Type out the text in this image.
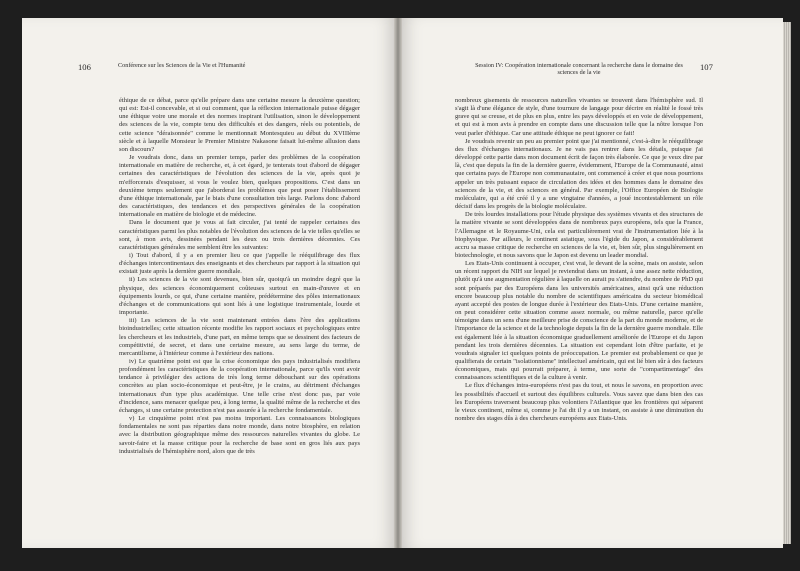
106	Conférence sur les Sciences de la Vie et l'Humanité	Session IV: Coopération internationale concernant la recherche dans le domaine des sciences de la vie
107

éthique de ce débat, parce qu'elle prépare dans une certaine mesure la deuxième question; qui est: Est-il concevable, et si oui comment, que la réflexion internationale puisse dégager une éthique voire une morale et des normes inspirant l'utilisation, sinon le développement des sciences de la vie, compte tenu des difficultés et des dangers, réels ou potentiels, de cette science "déraisonnée" comme le mentionnait Montesquieu au début du XVIIIème siècle et à laquelle Monsieur le Premier Ministre Nakasone faisait lui-même allusion dans son discours?

Je voudrais donc, dans un premier temps, parler des problèmes de la coopération internationale en matière de recherche, et, à cet égard, je tenterais tout d'abord de dégager certaines des caractéristiques de l'évolution des sciences de la vie, après quoi je m'efforcerais d'esquisser, si vous le voulez bien, quelques propositions. C'est dans un deuxième temps seulement que j'aborderai les problèmes que peut poser l'établissement d'une éthique internationale, par le biais d'une consultation très large. Parlons donc d'abord des caractéristiques, des tendances et des perspectives générales de la coopération internationale en matière de biologie et de médecine.

Dans le document que je vous ai fait circuler, j'ai tenté de rappeler certaines des caractéristiques parmi les plus notables de l'évolution des sciences de la vie telles qu'elles se sont, à mon avis, dessinées pendant les deux ou trois dernières décennies. Ces caractéristiques générales me semblent être les suivantes:

i) Tout d'abord, il y a en premier lieu ce que j'appelle le rééquilibrage des flux d'échanges intercontinentaux des enseignants et des chercheurs par rapport à la situation qui existait juste après la dernière guerre mondiale.

ii) Les sciences de la vie sont devenues, bien sûr, quoiqu'à un moindre degré que la physique, des sciences économiquement coûteuses surtout en main-d'œuvre et en équipements lourds, ce qui, d'une certaine manière, prédétermine des pôles internationaux d'échanges et de communications qui sont liés à une logistique instrumentale, lourde et importante.

iii) Les sciences de la vie sont maintenant entrées dans l'ère des applications bioindustrielles; cette situation récente modifie les rapport sociaux et psychologiques entre les chercheurs et les industriels, d'une part, en même temps que se dessinent des facteurs de compétitivité, de secret, et dans une certaine mesure, au sens large du terme, de mercantilisme, à l'intérieur comme à l'extérieur des nations.

iv) Le quatrième point est que la crise économique des pays industrialisés modifiera profondément les caractéristiques de la coopération internationale, parce qu'ils vont avoir tendance à privilégier des actions de très long terme débouchant sur des opérations concrètes au plan socio-économique et peut-être, je le crains, au détriment d'échanges internationaux d'un type plus académique. Une telle crise n'est donc pas, par voie d'incidence, sans menacer quelque peu, à long terme, la qualité même de la recherche et des échanges, si une certaine protection n'est pas assurée à la recherche fondamentale.

v) Le cinquième point n'est pas moins important. Les connaissances biologiques fondamentales ne sont pas réparties dans notre monde, dans notre biosphère, en relation avec la distribution géographique même des ressources naturelles vivantes du globe. Le savoir-faire et la masse critique pour la recherche de base sont en gros liés aux pays industrialisés de l'hémisphère nord, alors que de très

nombreux gisements de ressources naturelles vivantes se trouvent dans l'hémisphère sud. Il s'agit là d'une élégance de style, d'une tournure de langage pour décrire en réalité le fossé très grave qui se creuse, et de plus en plus, entre les pays développés et en voie de développement, et qui est à mon avis à prendre en compte dans une discussion telle que la nôtre lorsque l'on veut parler d'éthique. Car une attitude éthique ne peut ignorer ce fait!

Je voudrais revenir un peu au premier point que j'ai mentionné, c'est-à-dire le rééquilibrage des flux d'échanges internationaux. Je ne vais pas rentrer dans les détails, puisque j'ai développé cette partie dans mon document écrit de façon très élaborée. Ce que je veux dire par là, c'est que depuis la fin de la dernière guerre, évidemment, l'Europe de la Communauté, ainsi que certains pays de l'Europe non communautaire, ont commencé à créer et que nous pourrions appeler un très puissant espace de circulation des idées et des hommes dans le domaine des sciences de la vie, et des sciences en général. Par exemple, l'Office Européen de Biologie moléculaire, qui a été créé il y a une vingtaine d'années, a joué incontestablement un rôle décisif dans les progrès de la biologie moléculaire.

De très lourdes installations pour l'étude physique des systèmes vivants et des structures de la matière vivante se sont développées dans de nombreux pays européens, tels que la France, l'Allemagne et le Royaume-Uni, cela est particulièrement vrai de l'instrumentation liée à la biophysique. Par ailleurs, le continent asiatique, sous l'égide du Japon, a considérablement accru sa masse critique de recherche en sciences de la vie, et, bien sûr, plus singulièrement en biotechnologie, et nous savons que le Japon est devenu un leader mondial.

Les Etats-Unis continuent à occuper, c'est vrai, le devant de la scène, mais on assiste, selon un récent rapport du NIH sur lequel je reviendrai dans un instant, à une assez nette réduction, plutôt qu'à une augmentation régulière à laquelle on aurait pu s'attendre, du nombre de PhD qui sont préparés par des Européens dans les universités américaines, ainsi qu'à une réduction encore beaucoup plus notable du nombre de scientifiques américains du secteur biomédical ayant accepté des postes de longue durée à l'extérieur des Etats-Unis. D'une certaine manière, on peut considérer cette situation comme assez normale, ou même naturelle, parce qu'elle témoigne dans un sens d'une meilleure prise de conscience de la part du monde moderne, et de l'importance de la science et de la technologie depuis la fin de la dernière guerre mondiale. Elle est également liée à la situation économique graduellement améliorée de l'Europe et du Japon pendant les trois dernières décennies. La situation est cependant loin d'être parfaite, et je voudrais signaler ici quelques points de préoccupation. Le premier est probablement ce que je qualifierais de certain "isolationnisme" intellectuel américain, qui est lié bien sûr à des facteurs économiques, mais qui pourrait préparer, à terme, une sorte de "compartimentage" des connaissances scientifiques et de la culture à venir.

Le flux d'échanges intra-européens n'est pas du tout, et nous le savons, en proportion avec les possibilités d'accueil et surtout des équilibres culturels. Vous savez que dans bien des cas les Européens traversent beaucoup plus volontiers l'Atlantique que les frontières qui séparent le vieux continent, même si, comme je l'ai dit il y a un instant, on assiste à une diminution du nombre des stages dûs à des chercheurs européens aux Etats-Unis.
